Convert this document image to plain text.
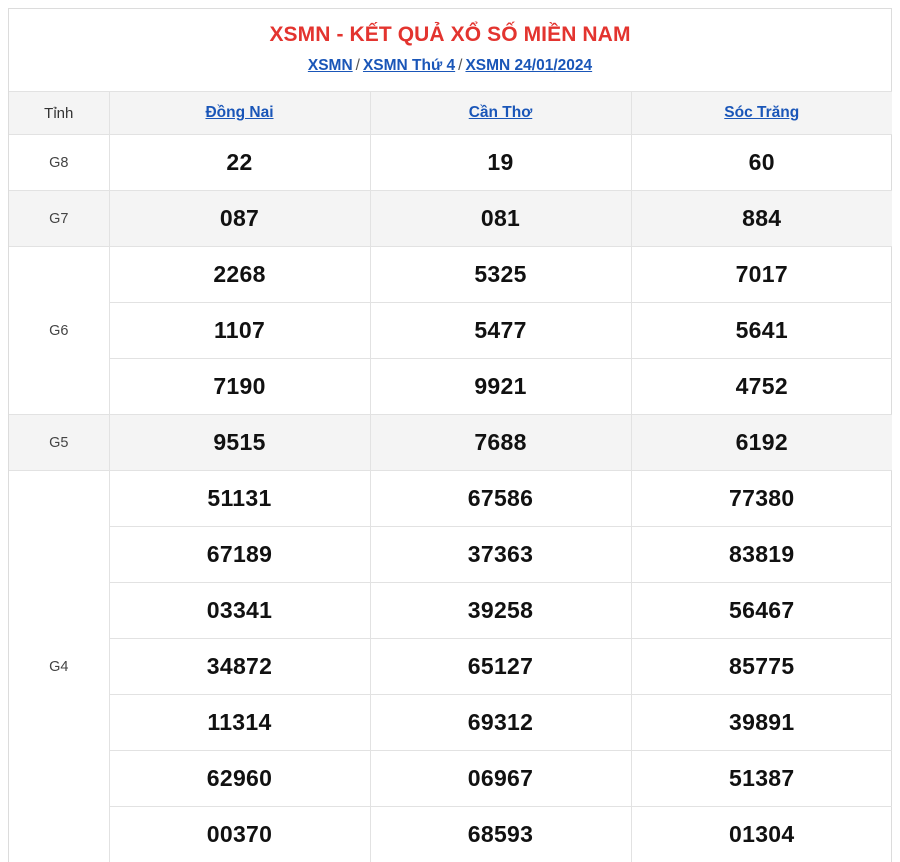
XSMN - KẾT QUẢ XỔ SỐ MIỀN NAM
XSMN / XSMN Thứ 4 / XSMN 24/01/2024
Tỉnh	Đồng Nai	Cần Thơ	Sóc Trăng
G8	22	19	60
G7	087	081	884
G6	2268	5325	7017
	1107	5477	5641
	7190	9921	4752
G5	9515	7688	6192
G4	51131	67586	77380
	67189	37363	83819
	03341	39258	56467
	34872	65127	85775
	11314	69312	39891
	62960	06967	51387
	00370	68593	01304
